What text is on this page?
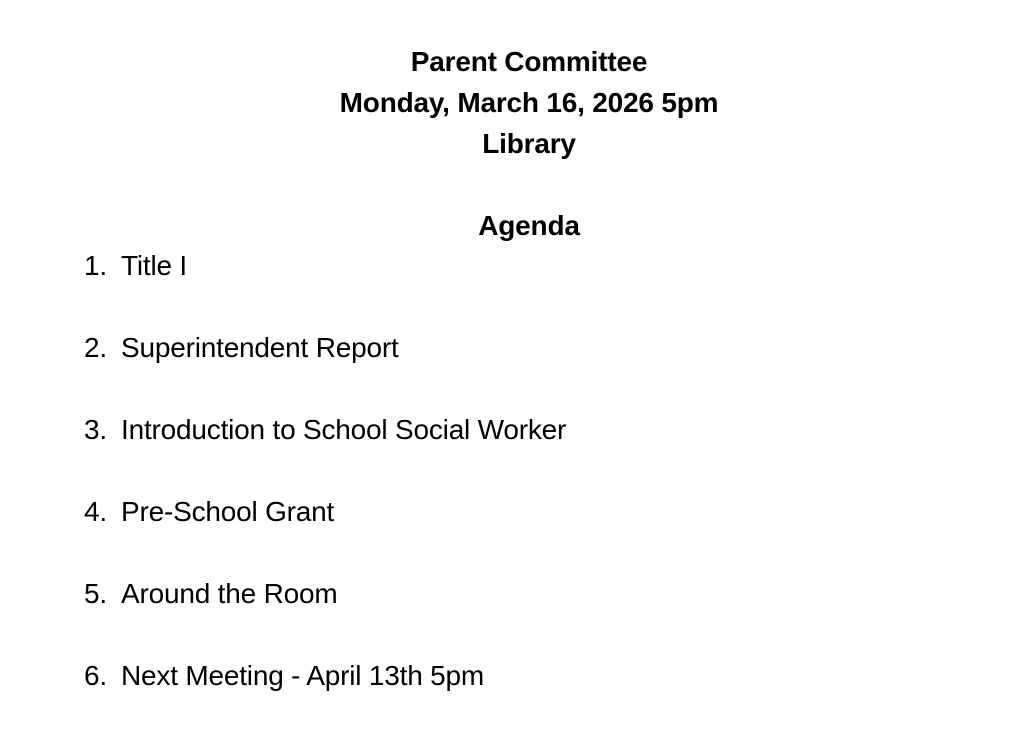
Parent Committee
Monday, March 16, 2026 5pm
Library
Agenda
1. Title I
2. Superintendent Report
3. Introduction to School Social Worker
4. Pre-School Grant
5. Around the Room
6. Next Meeting - April 13th 5pm
